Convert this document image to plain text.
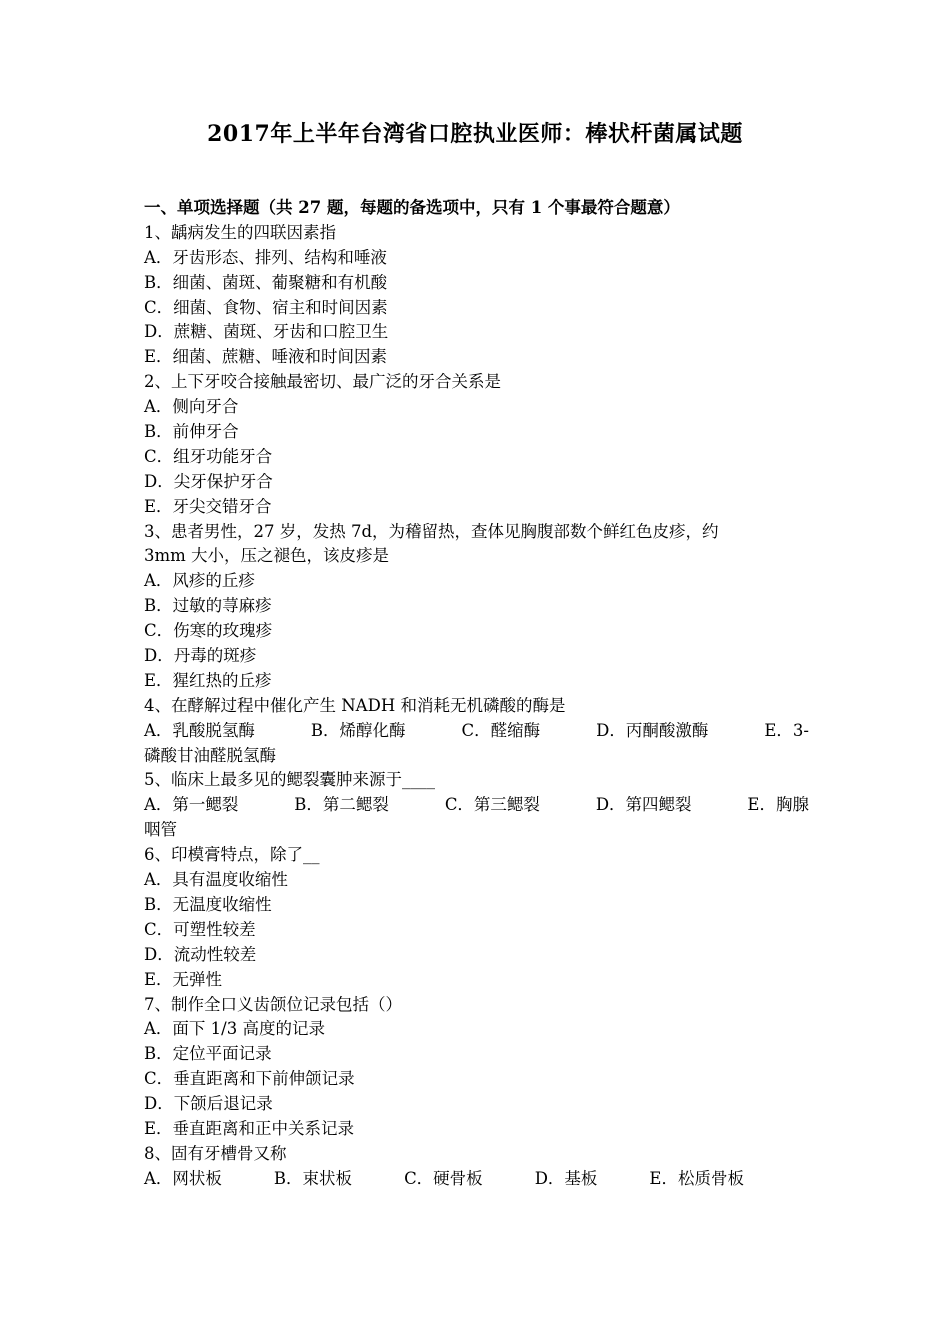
2017年上半年台湾省口腔执业医师：棒状杆菌属试题
一、单项选择题（共 27 题，每题的备选项中，只有 1 个事最符合题意）
1、龋病发生的四联因素指
A．牙齿形态、排列、结构和唾液
B．细菌、菌斑、葡聚糖和有机酸
C．细菌、食物、宿主和时间因素
D．蔗糖、菌斑、牙齿和口腔卫生
E．细菌、蔗糖、唾液和时间因素
2、上下牙咬合接触最密切、最广泛的牙合关系是
A．侧向牙合
B．前伸牙合
C．组牙功能牙合
D．尖牙保护牙合
E．牙尖交错牙合
3、患者男性，27 岁，发热 7d，为稽留热，查体见胸腹部数个鲜红色皮疹，约
3mm 大小，压之褪色，该皮疹是
A．风疹的丘疹
B．过敏的荨麻疹
C．伤寒的玫瑰疹
D．丹毒的斑疹
E．猩红热的丘疹
4、在酵解过程中催化产生 NADH 和消耗无机磷酸的酶是
A．乳酸脱氢酶	B．烯醇化酶	C．醛缩酶	D．丙酮酸激酶	E．3-
磷酸甘油醛脱氢酶
5、临床上最多见的鳃裂囊肿来源于____
A．第一鳃裂	B．第二鳃裂	C．第三鳃裂	D．第四鳃裂	E．胸腺
咽管
6、印模膏特点，除了__
A．具有温度收缩性
B．无温度收缩性
C．可塑性较差
D．流动性较差
E．无弹性
7、制作全口义齿颌位记录包括（）
A．面下 1/3 高度的记录
B．定位平面记录
C．垂直距离和下前伸颌记录
D．下颌后退记录
E．垂直距离和正中关系记录
8、固有牙槽骨又称
A．网状板	B．束状板	C．硬骨板	D．基板	E．松质骨板
